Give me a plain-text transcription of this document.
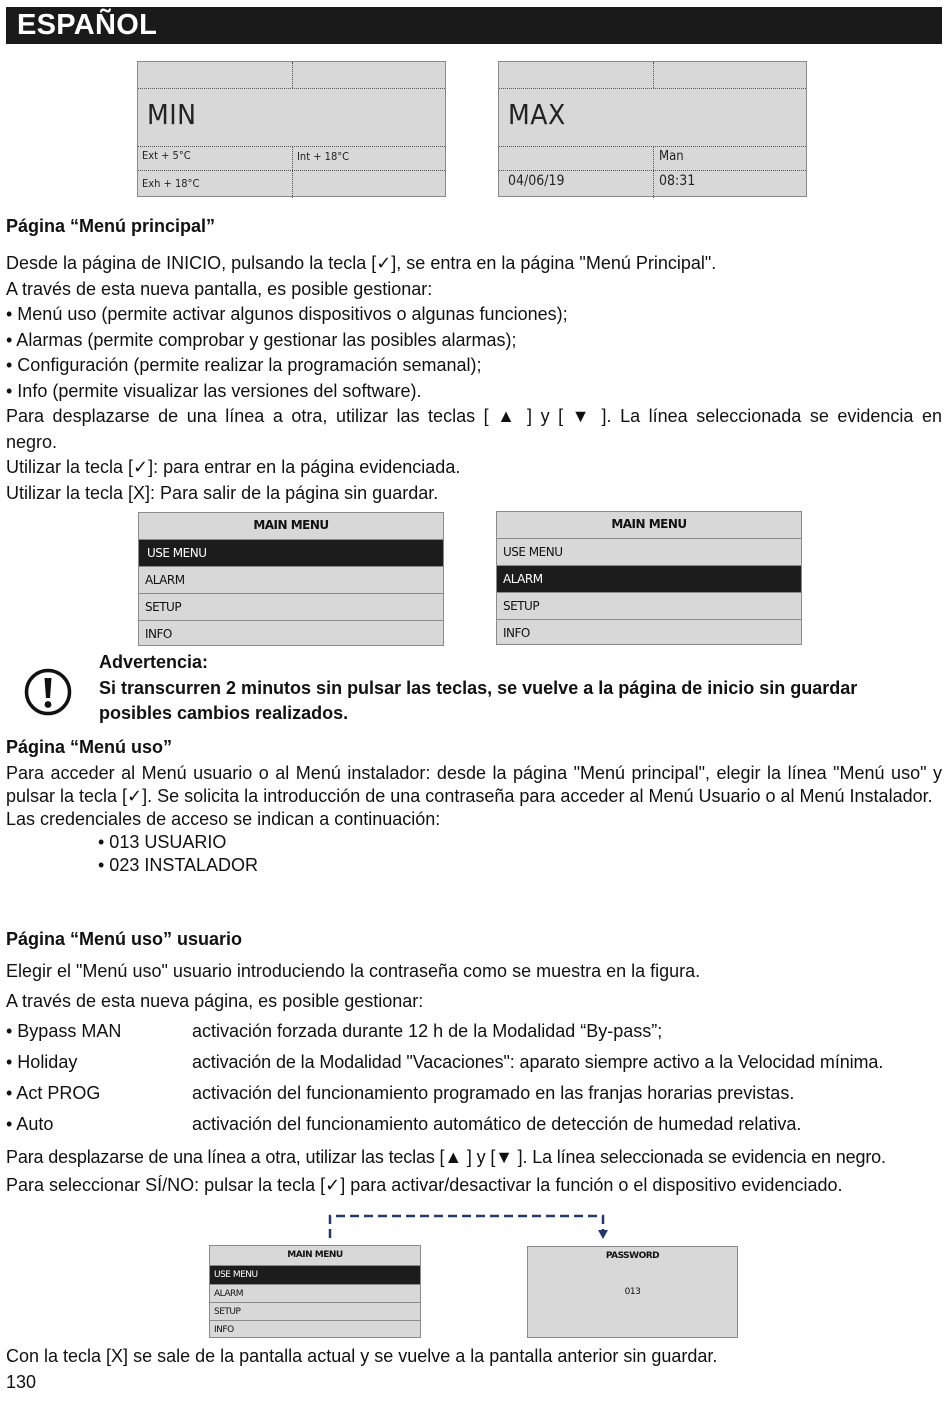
ESPAÑOL
MIN
Ext + 5°C	Int + 18°C
Exh + 18°C
MAX
Man
04/06/19	08:31
Página “Menú principal”
Desde la página de INICIO, pulsando la tecla [✓], se entra en la página "Menú Principal".
A través de esta nueva pantalla, es posible gestionar:
• Menú uso (permite activar algunos dispositivos o algunas funciones);
• Alarmas (permite comprobar y gestionar las posibles alarmas);
• Configuración (permite realizar la programación semanal);
• Info (permite visualizar las versiones del software).
Para desplazarse de una línea a otra, utilizar las teclas [ ▲ ] y [ ▼ ]. La línea seleccionada se evidencia en
negro.
Utilizar la tecla [✓]: para entrar en la página evidenciada.
Utilizar la tecla [X]: Para salir de la página sin guardar.
MAIN MENU
USE MENU
ALARM
SETUP
INFO
MAIN MENU
USE MENU
ALARM
SETUP
INFO
Advertencia:
Si transcurren 2 minutos sin pulsar las teclas, se vuelve a la página de inicio sin guardar
posibles cambios realizados.
Página “Menú uso”
Para acceder al Menú usuario o al Menú instalador: desde la página "Menú principal", elegir la línea "Menú uso" y pulsar la tecla [✓]. Se solicita la introducción de una contraseña para acceder al Menú Usuario o al Menú Instalador.
Las credenciales de acceso se indican a continuación:
• 013 USUARIO
• 023 INSTALADOR
Página “Menú uso” usuario
Elegir el "Menú uso" usuario introduciendo la contraseña como se muestra en la figura.
A través de esta nueva página, es posible gestionar:
• Bypass MAN	activación forzada durante 12 h de la Modalidad “By-pass”;
• Holiday	activación de la Modalidad "Vacaciones": aparato siempre activo a la Velocidad mínima.
• Act PROG	activación del funcionamiento programado en las franjas horarias previstas.
• Auto	activación del funcionamiento automático de detección de humedad relativa.
Para desplazarse de una línea a otra, utilizar las teclas [▲ ] y [▼ ]. La línea seleccionada se evidencia en negro.
Para seleccionar SÍ/NO: pulsar la tecla [✓] para activar/desactivar la función o el dispositivo evidenciado.
MAIN MENU
USE MENU
ALARM
SETUP
INFO
PASSWORD
013
Con la tecla [X] se sale de la pantalla actual y se vuelve a la pantalla anterior sin guardar.
130
